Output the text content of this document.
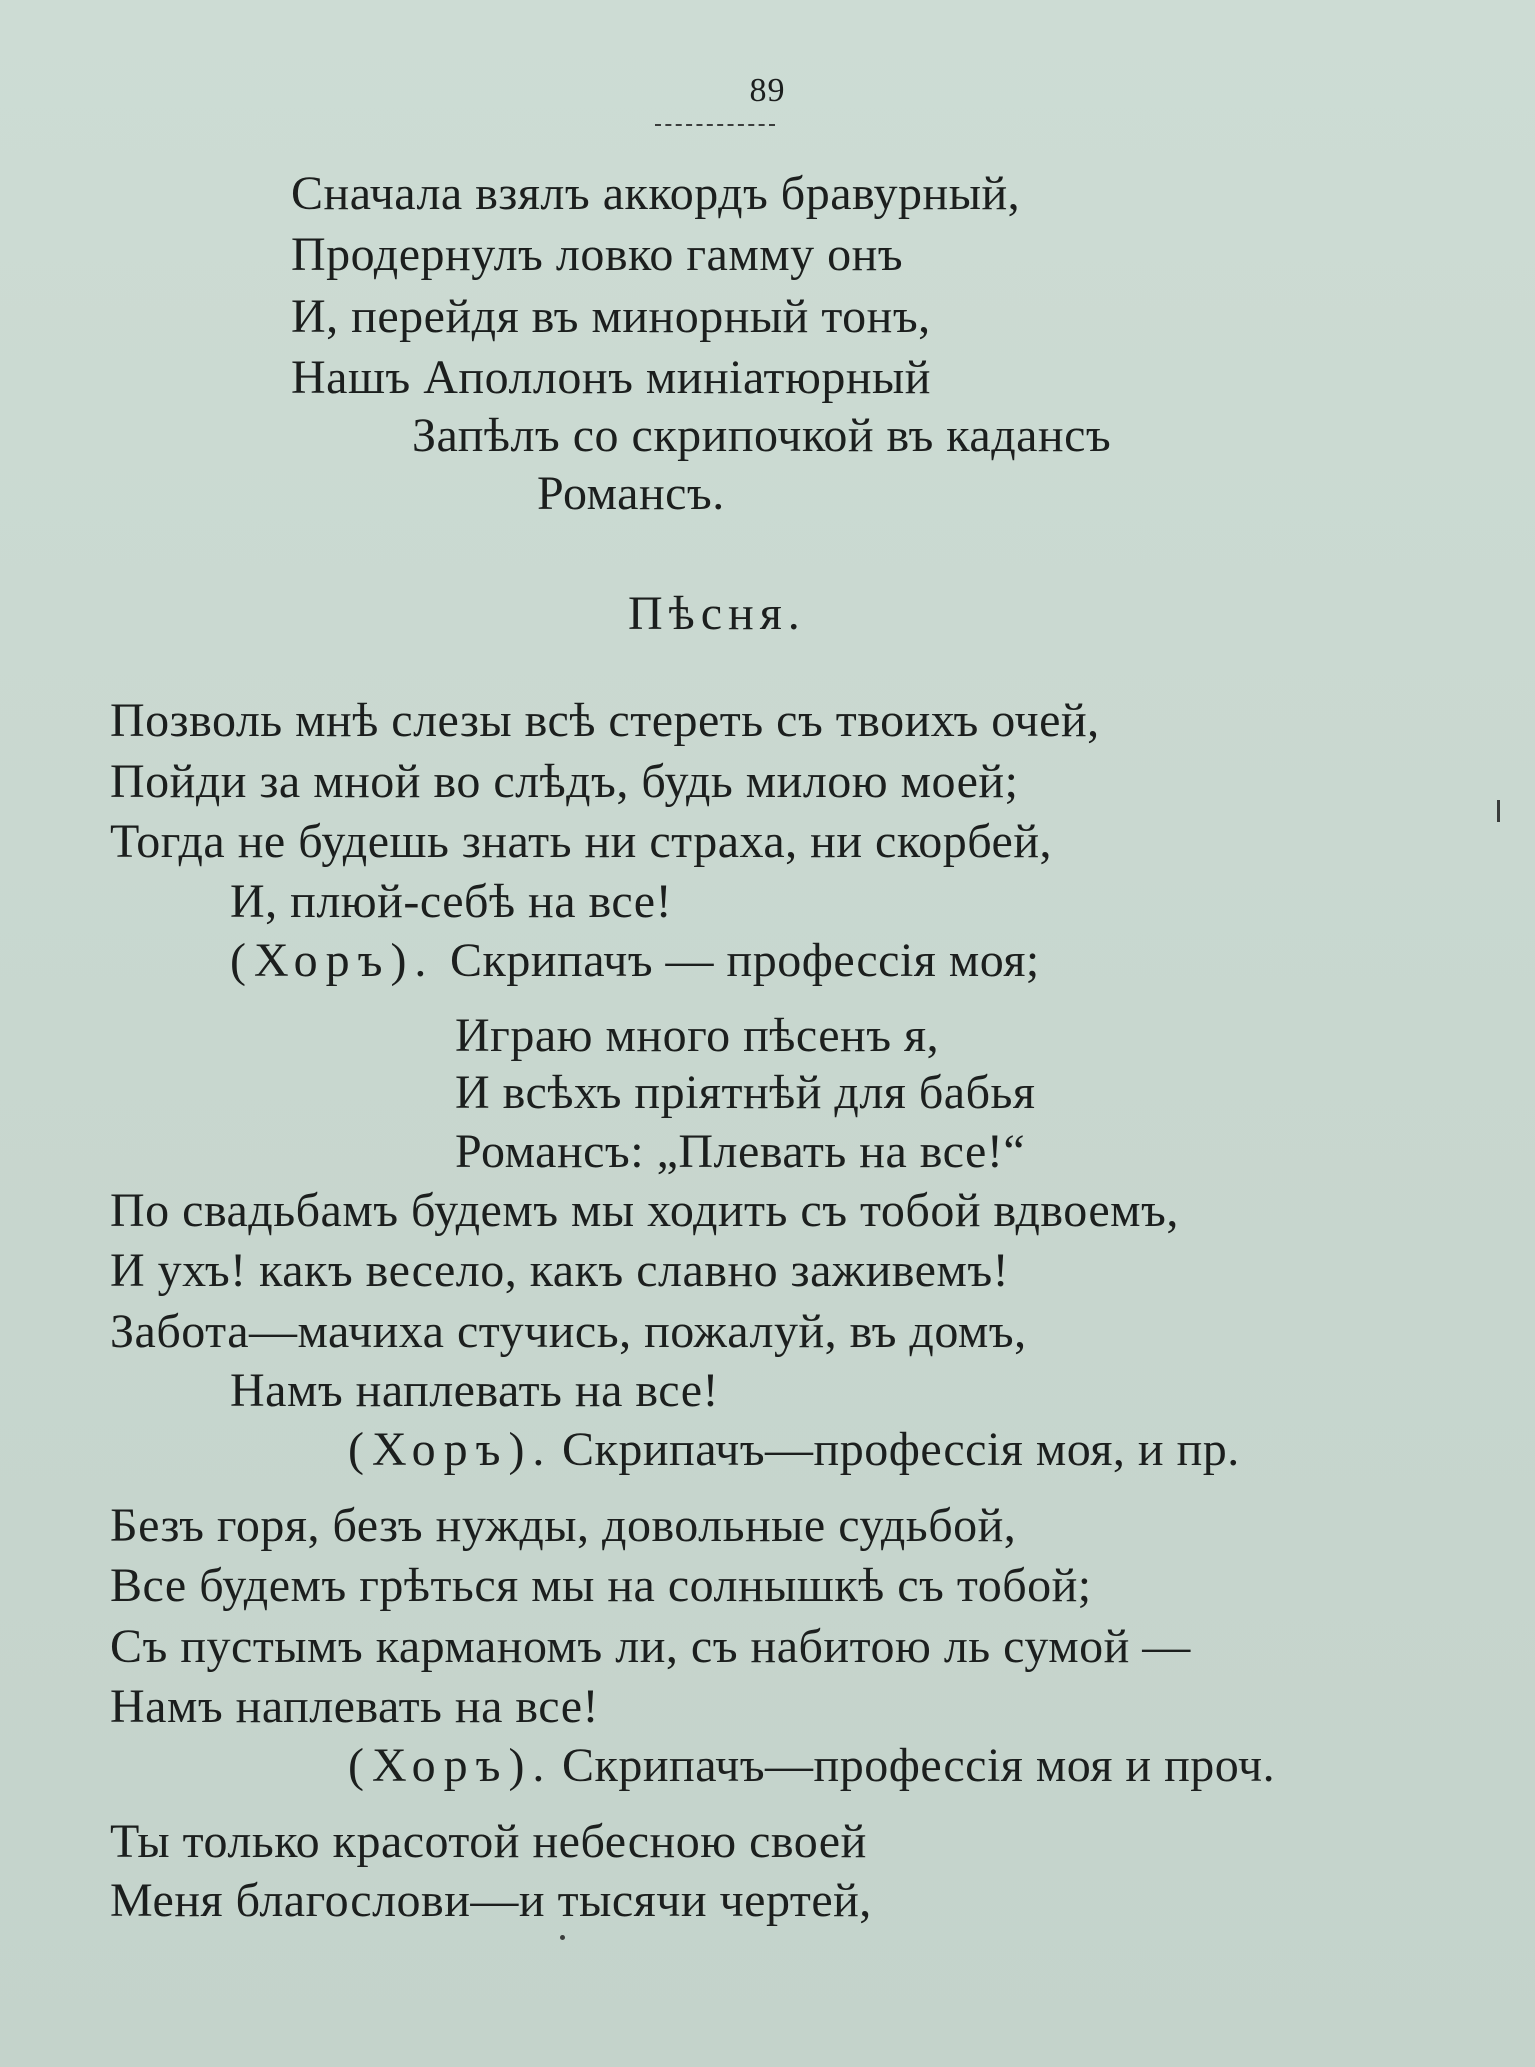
89
Сначала взялъ аккордъ бравурный,
Продернулъ ловко гамму онъ
И, перейдя въ минорный тонъ,
Нашъ Аполлонъ миніатюрный
Запѣлъ со скрипочкой въ кадансъ
Романсъ.
Пѣсня.
Позволь мнѣ слезы всѣ стереть съ твоихъ очей,
Пойди за мной во слѣдъ, будь милою моей;
Тогда не будешь знать ни страха, ни скорбей,
И, плюй-себѣ на все!
(Хоръ). Скрипачъ — профессія моя;
Играю много пѣсенъ я,
И всѣхъ пріятнѣй для бабья
Романсъ: „Плевать на все!“
По свадьбамъ будемъ мы ходить съ тобой вдвоемъ,
И ухъ! какъ весело, какъ славно заживемъ!
Забота—мачиха стучись, пожалуй, въ домъ,
Намъ наплевать на все!
(Хоръ). Скрипачъ—профессія моя, и пр.
Безъ горя, безъ нужды, довольные судьбой,
Все будемъ грѣться мы на солнышкѣ съ тобой;
Съ пустымъ карманомъ ли, съ набитою ль сумой —
Намъ наплевать на все!
(Хоръ). Скрипачъ—профессія моя и проч.
Ты только красотой небесною своей
Меня благослови—и тысячи чертей,
